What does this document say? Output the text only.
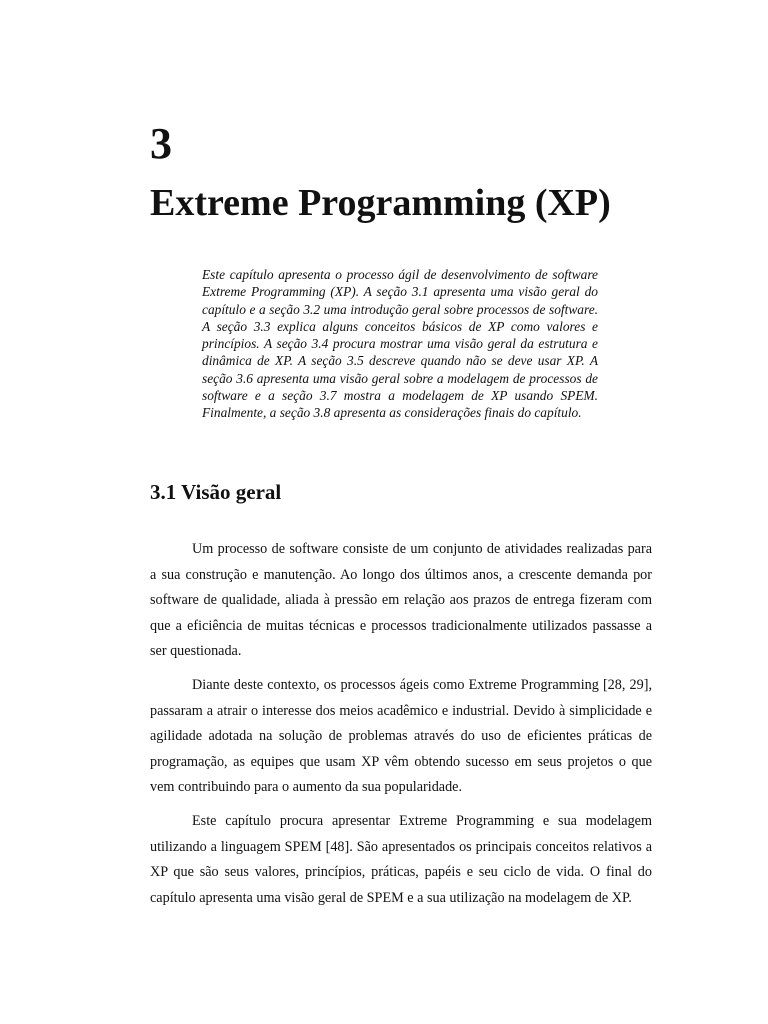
3
Extreme Programming (XP)

Este capítulo apresenta o processo ágil de desenvolvimento de software Extreme Programming (XP). A seção 3.1 apresenta uma visão geral do capítulo e a seção 3.2 uma introdução geral sobre processos de software. A seção 3.3 explica alguns conceitos básicos de XP como valores e princípios. A seção 3.4 procura mostrar uma visão geral da estrutura e dinâmica de XP. A seção 3.5 descreve quando não se deve usar XP. A seção 3.6 apresenta uma visão geral sobre a modelagem de processos de software e a seção 3.7 mostra a modelagem de XP usando SPEM. Finalmente, a seção 3.8 apresenta as considerações finais do capítulo.

3.1 Visão geral

Um processo de software consiste de um conjunto de atividades realizadas para a sua construção e manutenção. Ao longo dos últimos anos, a crescente demanda por software de qualidade, aliada à pressão em relação aos prazos de entrega fizeram com que a eficiência de muitas técnicas e processos tradicionalmente utilizados passasse a ser questionada.

Diante deste contexto, os processos ágeis como Extreme Programming [28, 29], passaram a atrair o interesse dos meios acadêmico e industrial. Devido à simplicidade e agilidade adotada na solução de problemas através do uso de eficientes práticas de programação, as equipes que usam XP vêm obtendo sucesso em seus projetos o que vem contribuindo para o aumento da sua popularidade.

Este capítulo procura apresentar Extreme Programming e sua modelagem utilizando a linguagem SPEM [48]. São apresentados os principais conceitos relativos a XP que são seus valores, princípios, práticas, papéis e seu ciclo de vida. O final do capítulo apresenta uma visão geral de SPEM e a sua utilização na modelagem de XP.
